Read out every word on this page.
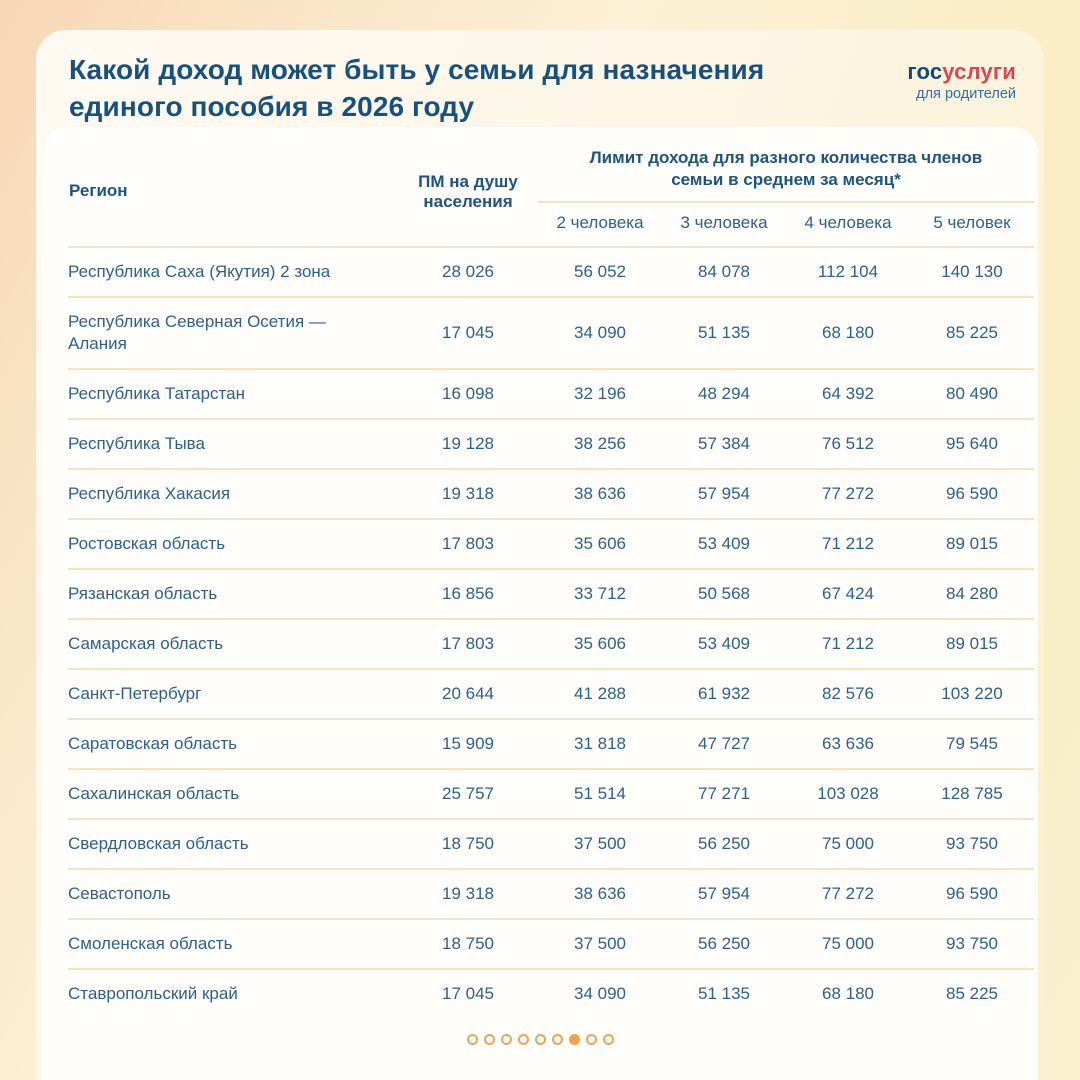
Какой доход может быть у семьи для назначения единого пособия в 2026 году
госуслуги
для родителей
Регион	ПМ на душу населения	Лимит дохода для разного количества членов семьи в среднем за месяц*			
		2 человека	3 человека	4 человека	5 человек
Республика Саха (Якутия) 2 зона	28 026	56 052	84 078	112 104	140 130
Республика Северная Осетия — Алания	17 045	34 090	51 135	68 180	85 225
Республика Татарстан	16 098	32 196	48 294	64 392	80 490
Республика Тыва	19 128	38 256	57 384	76 512	95 640
Республика Хакасия	19 318	38 636	57 954	77 272	96 590
Ростовская область	17 803	35 606	53 409	71 212	89 015
Рязанская область	16 856	33 712	50 568	67 424	84 280
Самарская область	17 803	35 606	53 409	71 212	89 015
Санкт-Петербург	20 644	41 288	61 932	82 576	103 220
Саратовская область	15 909	31 818	47 727	63 636	79 545
Сахалинская область	25 757	51 514	77 271	103 028	128 785
Свердловская область	18 750	37 500	56 250	75 000	93 750
Севастополь	19 318	38 636	57 954	77 272	96 590
Смоленская область	18 750	37 500	56 250	75 000	93 750
Ставропольский край	17 045	34 090	51 135	68 180	85 225
